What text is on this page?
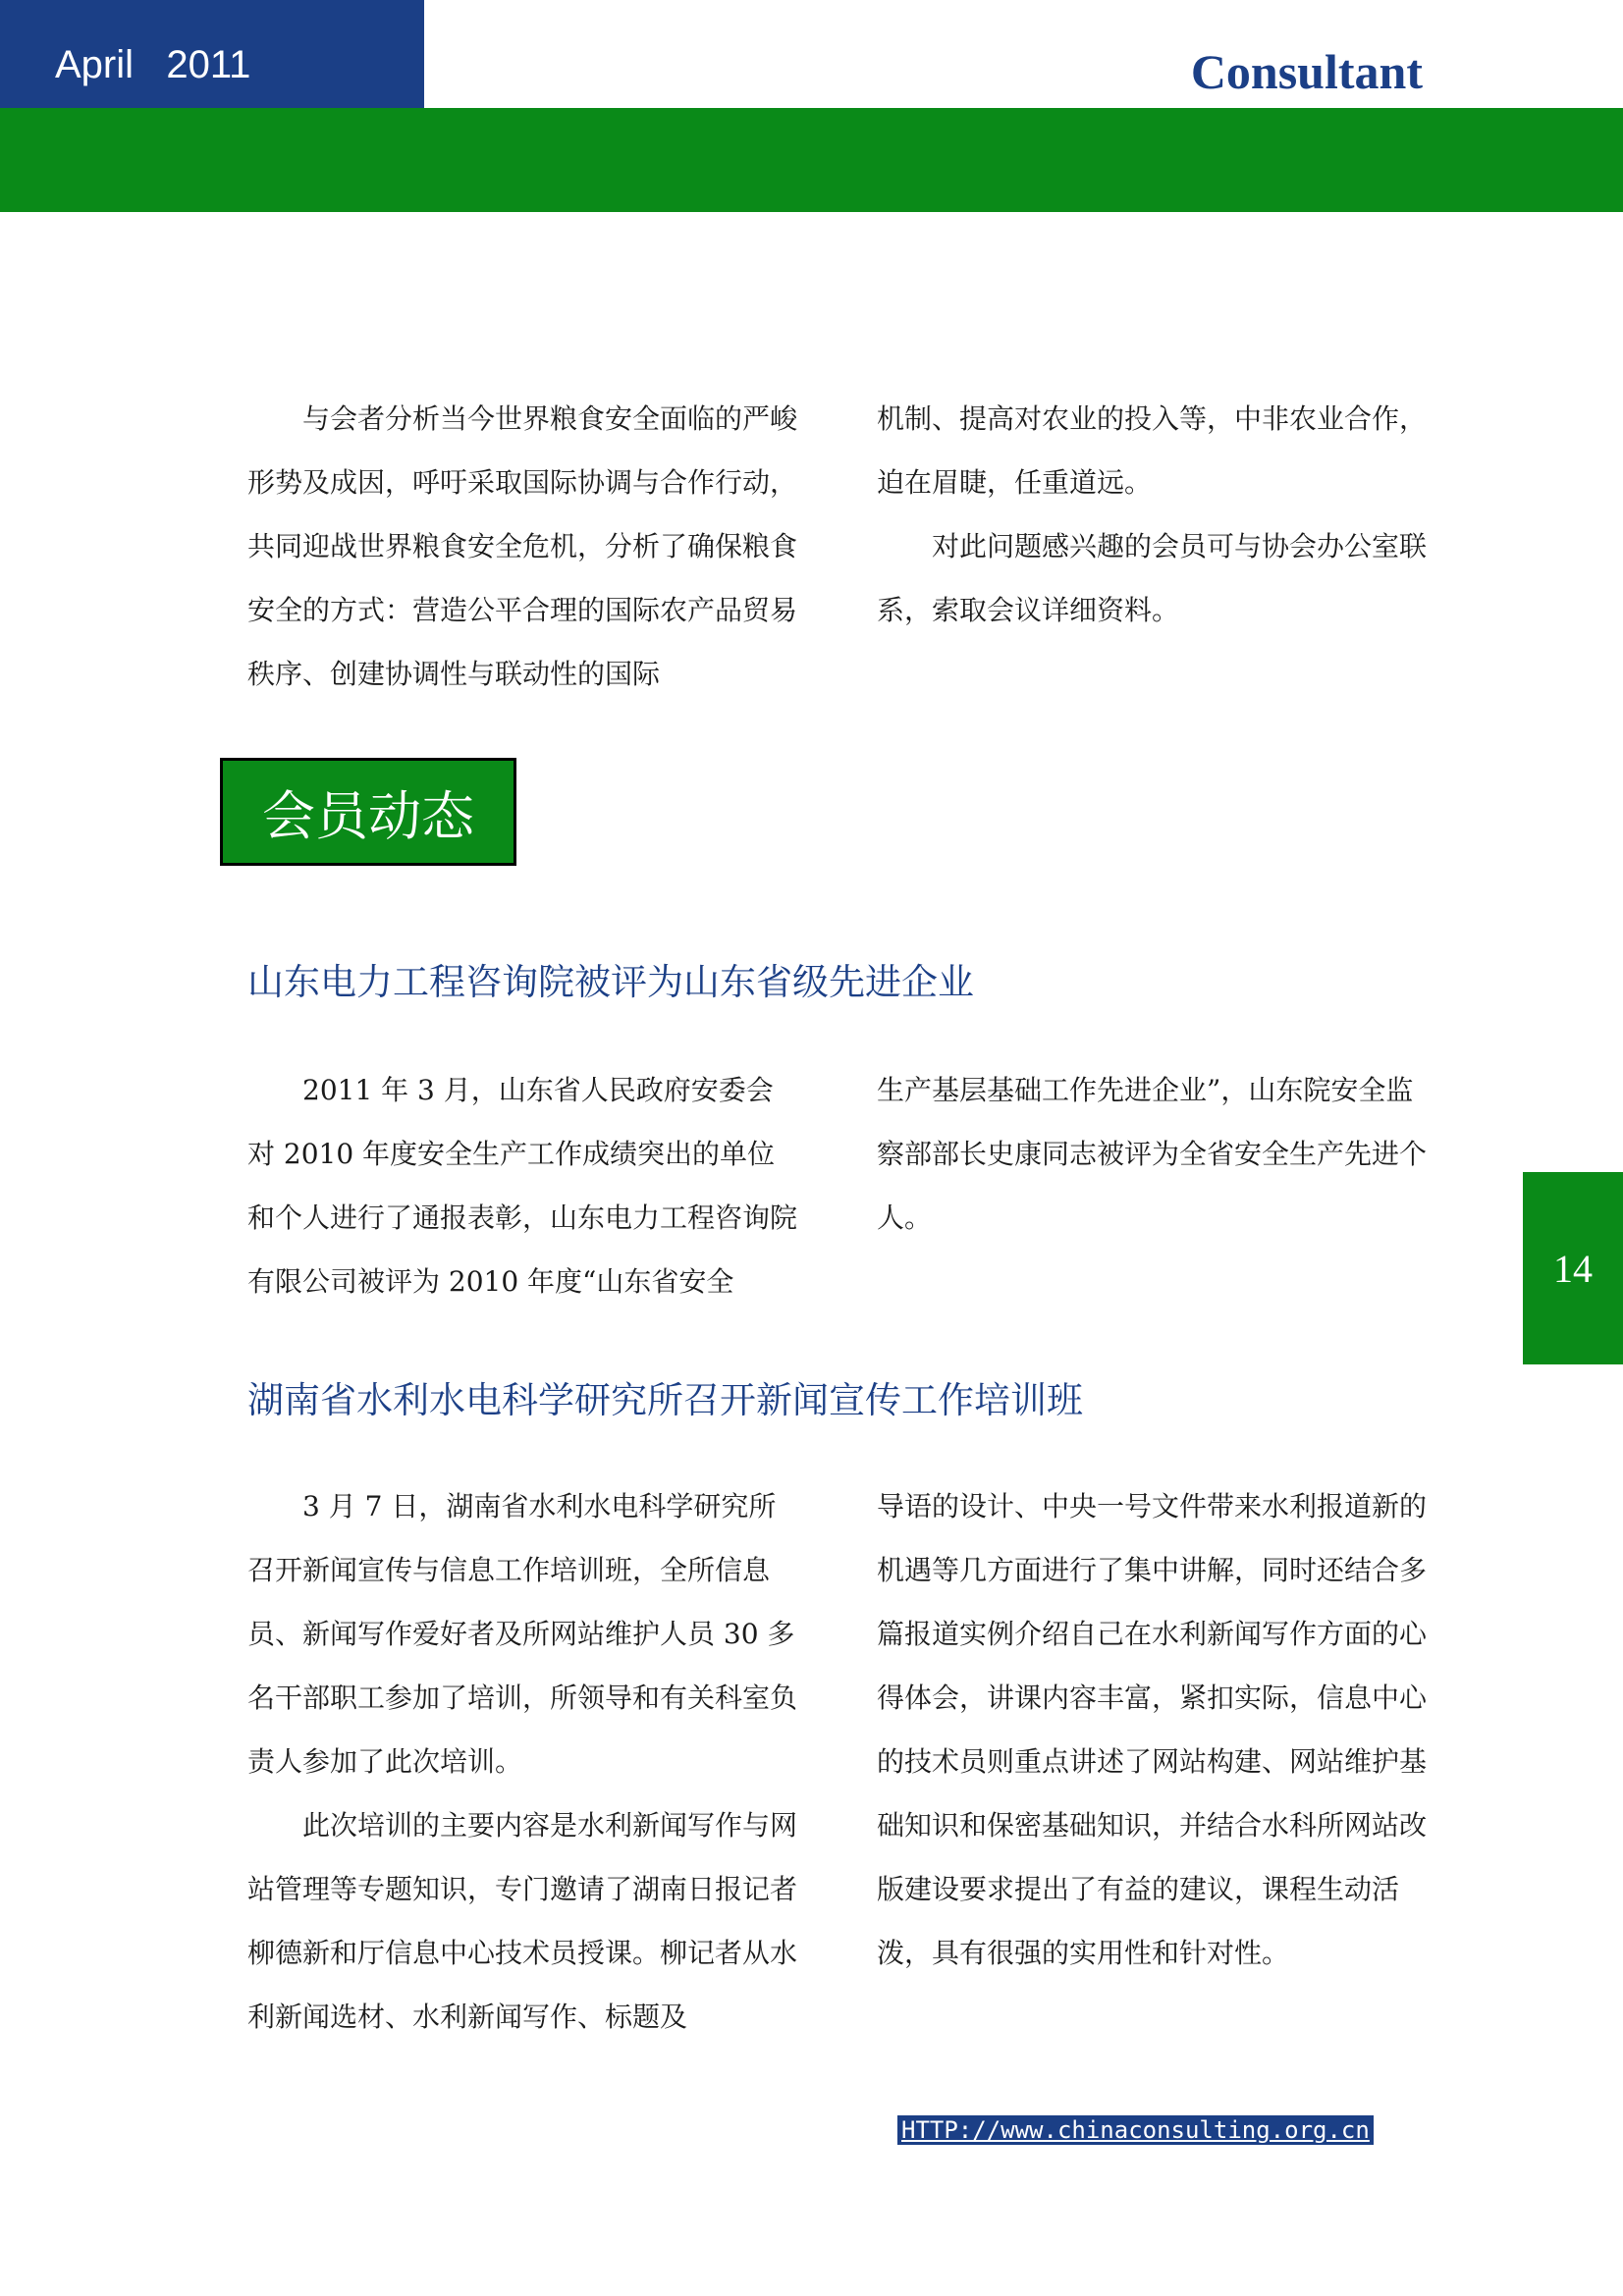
April   2011	Consultant

与会者分析当今世界粮食安全面临的严峻形势及成因，呼吁采取国际协调与合作行动，共同迎战世界粮食安全危机，分析了确保粮食安全的方式：营造公平合理的国际农产品贸易秩序、创建协调性与联动性的国际

机制、提高对农业的投入等，中非农业合作，迫在眉睫，任重道远。

对此问题感兴趣的会员可与协会办公室联系，索取会议详细资料。

会员动态
山东电力工程咨询院被评为山东省级先进企业

2011 年 3 月，山东省人民政府安委会对 2010 年度安全生产工作成绩突出的单位和个人进行了通报表彰，山东电力工程咨询院有限公司被评为 2010 年度“山东省安全

生产基层基础工作先进企业”，山东院安全监察部部长史康同志被评为全省安全生产先进个人。

14
湖南省水利水电科学研究所召开新闻宣传工作培训班

3 月 7 日，湖南省水利水电科学研究所召开新闻宣传与信息工作培训班，全所信息员、新闻写作爱好者及所网站维护人员 30 多名干部职工参加了培训，所领导和有关科室负责人参加了此次培训。

此次培训的主要内容是水利新闻写作与网站管理等专题知识，专门邀请了湖南日报记者柳德新和厅信息中心技术员授课。柳记者从水利新闻选材、水利新闻写作、标题及

导语的设计、中央一号文件带来水利报道新的机遇等几方面进行了集中讲解，同时还结合多篇报道实例介绍自己在水利新闻写作方面的心得体会，讲课内容丰富，紧扣实际，信息中心的技术员则重点讲述了网站构建、网站维护基础知识和保密基础知识，并结合水科所网站改版建设要求提出了有益的建议，课程生动活泼，具有很强的实用性和针对性。

HTTP://www.chinaconsulting.org.cn
